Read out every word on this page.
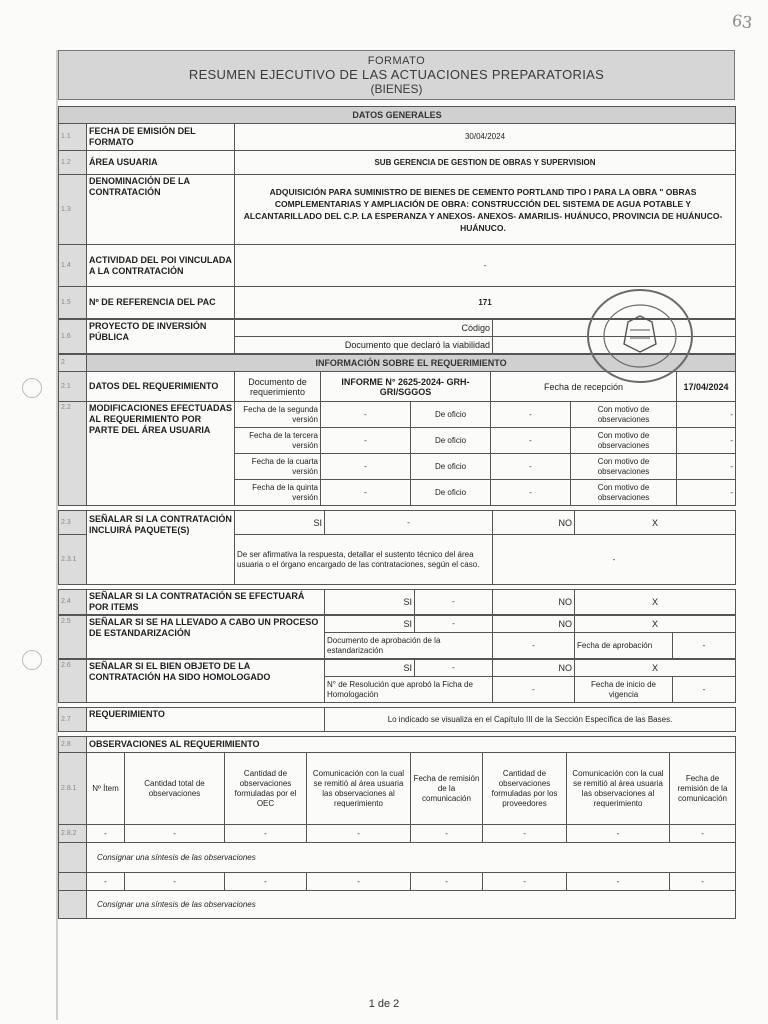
63
FORMATO
RESUMEN EJECUTIVO DE LAS ACTUACIONES PREPARATORIAS
(BIENES)
DATOS GENERALES		
1.1	FECHA DE EMISIÓN DEL FORMATO	30/04/2024
1.2	ÁREA USUARIA	SUB GERENCIA DE GESTION DE OBRAS Y SUPERVISION
1.3	DENOMINACIÓN DE LA CONTRATACIÓN	ADQUISICIÓN PARA SUMINISTRO DE BIENES DE CEMENTO PORTLAND TIPO I PARA LA OBRA " OBRAS COMPLEMENTARIAS Y AMPLIACIÓN DE OBRA: CONSTRUCCIÓN DEL SISTEMA DE AGUA POTABLE Y ALCANTARILLADO DEL C.P. LA ESPERANZA Y ANEXOS- ANEXOS- AMARILIS- HUÁNUCO, PROVINCIA DE HUÁNUCO- HUÁNUCO.
1.4	ACTIVIDAD DEL POI VINCULADA A LA CONTRATACIÓN	-
1.5	Nº DE REFERENCIA DEL PAC	171
1.6	PROYECTO DE INVERSIÓN PÚBLICA	Código	
		Documento que declaró la viabilidad	
2	INFORMACIÓN SOBRE EL REQUERIMIENTO						
2.1	DATOS DEL REQUERIMIENTO	Documento de requerimiento	INFORME N° 2625-2024- GRH-GRI/SGGOS		Fecha de recepción		17/04/2024
2.2	MODIFICACIONES EFECTUADAS AL REQUERIMIENTO POR PARTE DEL ÁREA USUARIA	Fecha de la segunda versión	-	De oficio	-	Con motivo de observaciones	-
		Fecha de la tercera versión	-	De oficio	-	Con motivo de observaciones	-
		Fecha de la cuarta versión	-	De oficio	-	Con motivo de observaciones	-
		Fecha de la quinta versión	-	De oficio	-	Con motivo de observaciones	-
2.3	SEÑALAR SI LA CONTRATACIÓN INCLUIRÁ PAQUETE(S)	SI	-	NO	X
2.3.1		De ser afirmativa la respuesta, detallar el sustento técnico del área usuaria o el órgano encargado de las contrataciones, según el caso.		-	
2.4	SEÑALAR SI LA CONTRATACIÓN SE EFECTUARÁ POR ITEMS	SI	-	NO	X
2.5	SEÑALAR SI SE HA LLEVADO A CABO UN PROCESO DE ESTANDARIZACIÓN	SI	-	NO	X	
		Documento de aprobación de la estandarización		-	Fecha de aprobación	-
2.6	SEÑALAR SI EL BIEN OBJETO DE LA CONTRATACIÓN HA SIDO HOMOLOGADO	SI	-	NO	X	
		N° de Resolución que aprobó la Ficha de Homologación		-	Fecha de inicio de vigencia	-
2.7	REQUERIMIENTO	Lo indicado se visualiza en el Capítulo III de la Sección Específica de las Bases.
2.8	OBSERVACIONES AL REQUERIMIENTO							
2.8.1	Nº Ítem	Cantidad total de observaciones	Cantidad de observaciones formuladas por el OEC	Comunicación con la cual se remitió al área usuaria las observaciones al requerimiento	Fecha de remisión de la comunicación	Cantidad de observaciones formuladas por los proveedores	Comunicación con la cual se remitió al área usuaria las observaciones al requerimiento	Fecha de remisión de la comunicación
2.8.2	-	-	-	-	-	-	-	-
	Consignar una síntesis de las observaciones							
	-	-	-	-	-	-	-	-
	Consignar una síntesis de las observaciones							
1 de 2
